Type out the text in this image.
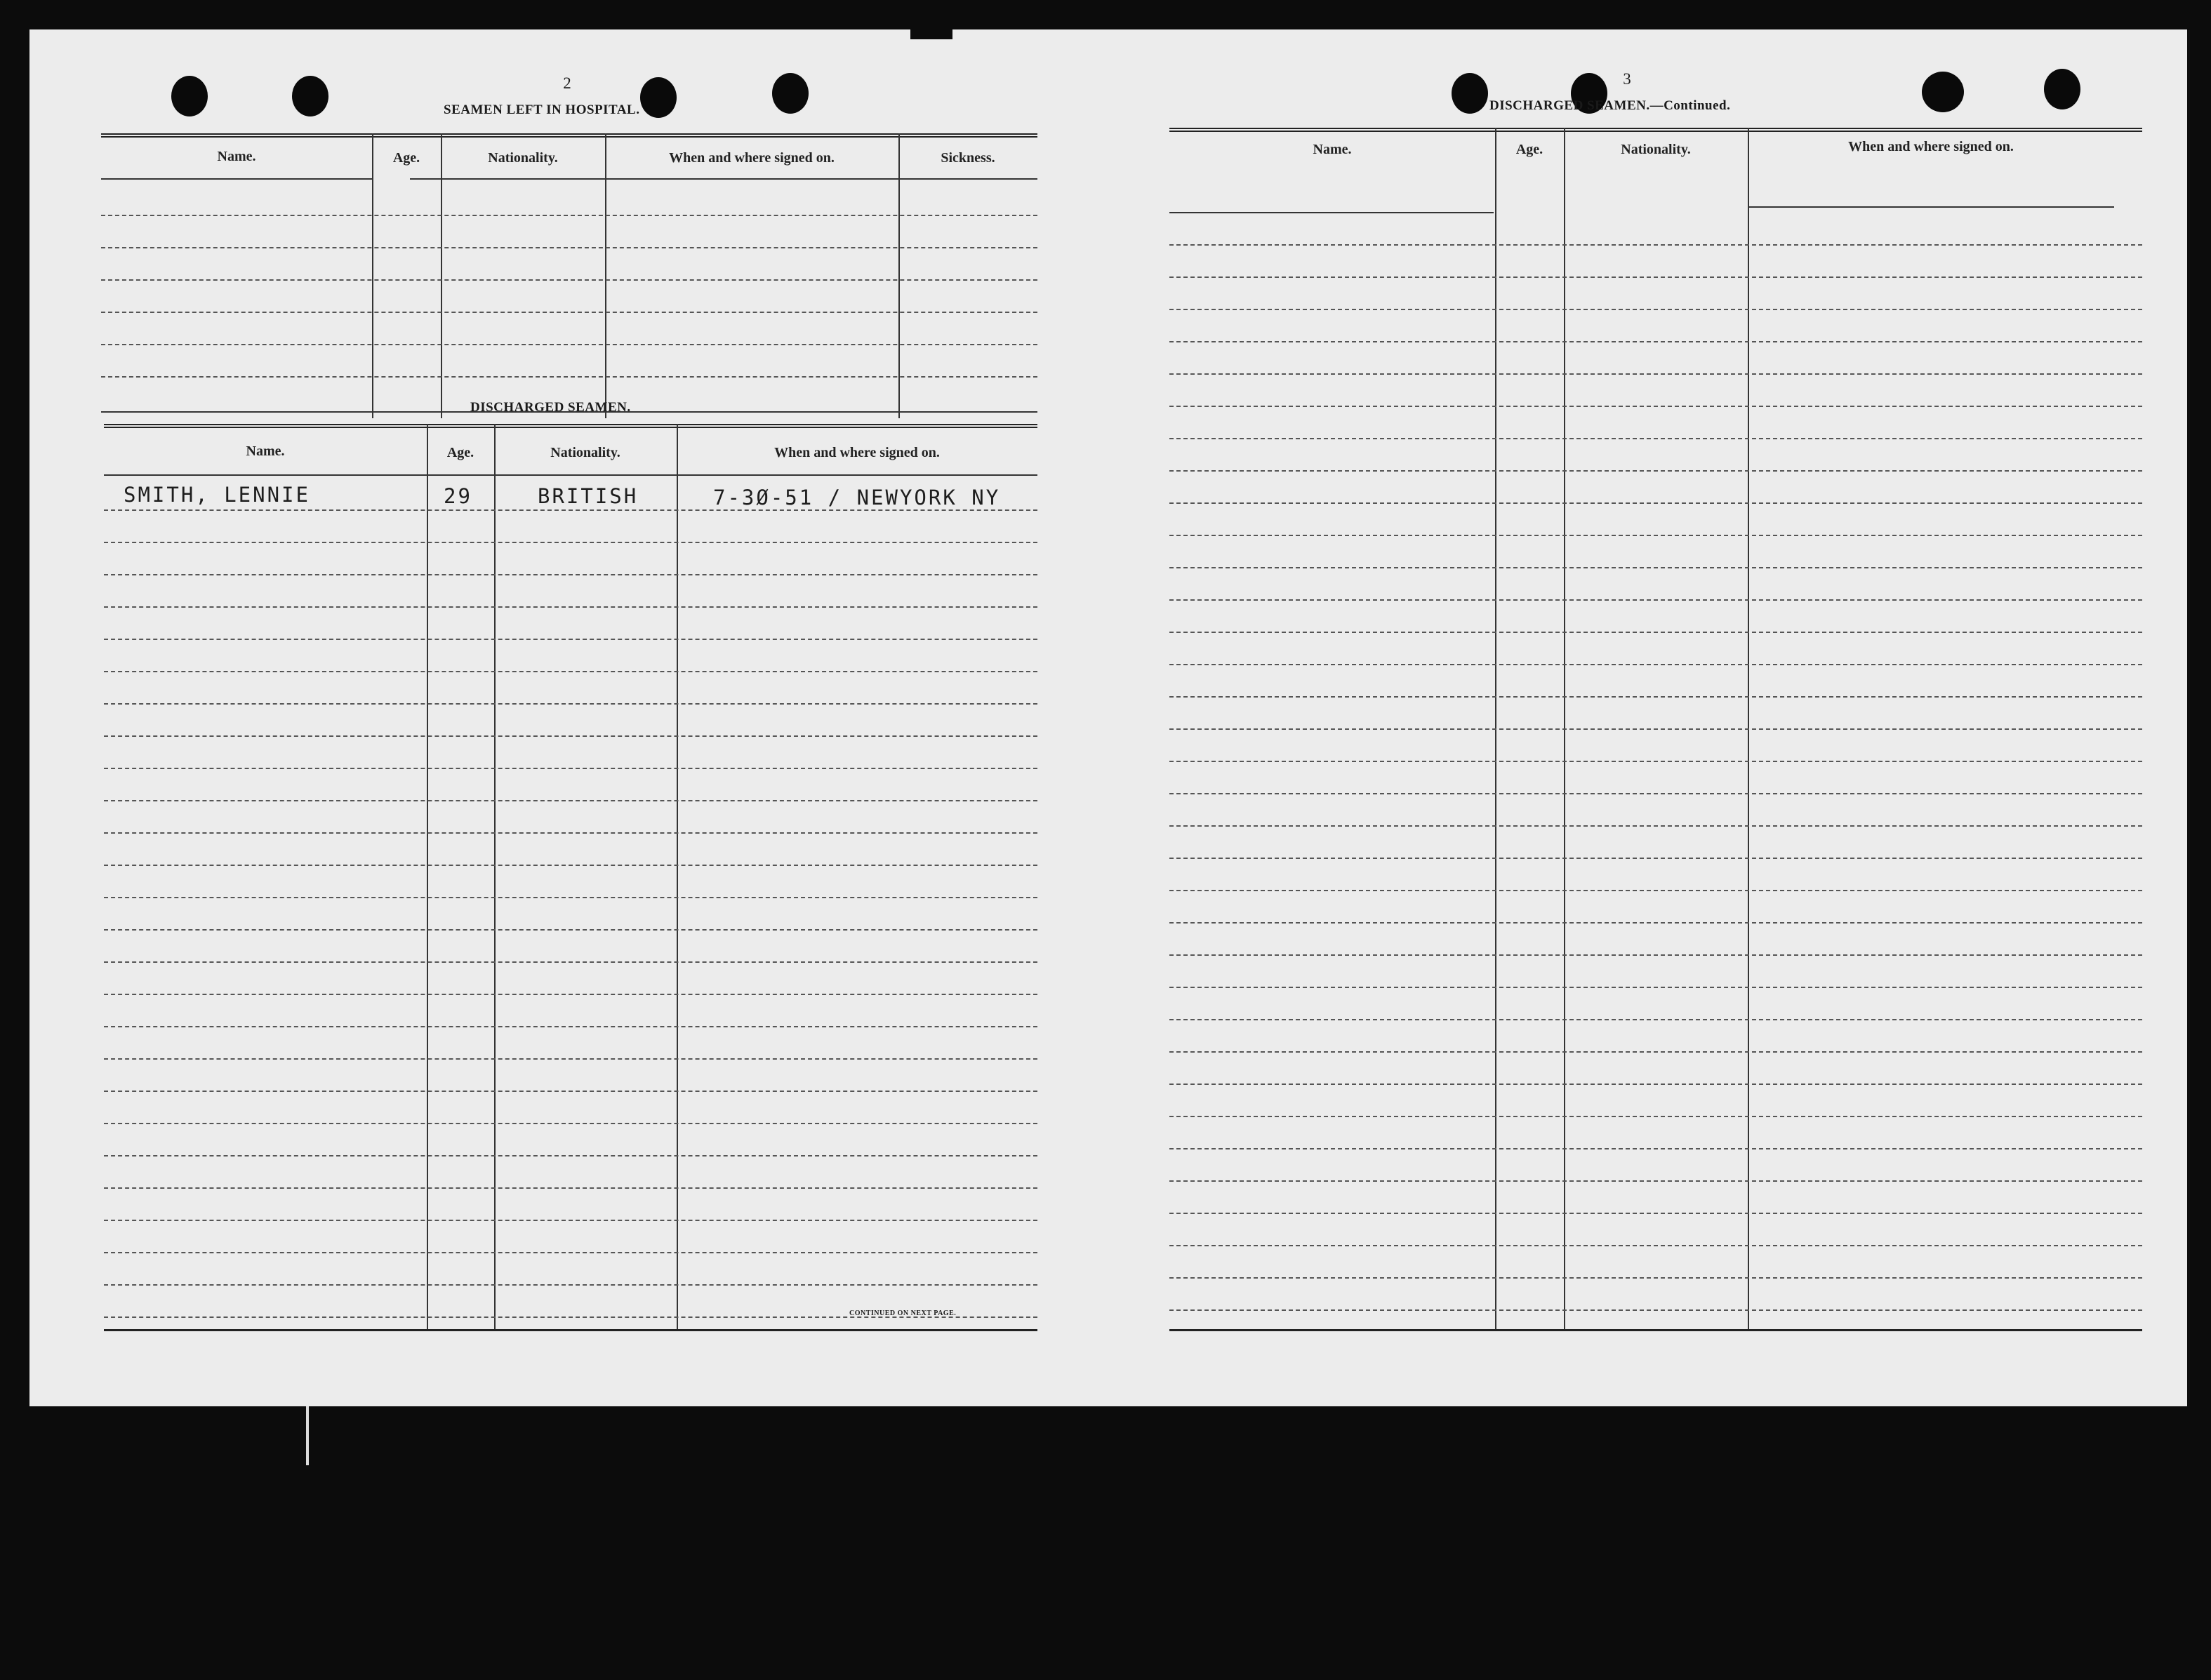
2
SEAMEN LEFT IN HOSPITAL.
Name.	Age.	Nationality.	When and where signed on.	Sickness.
DISCHARGED SEAMEN.
Name.	Age.	Nationality.	When and where signed on.
SMITH, LENNIE	29	BRITISH	7-3Ø-51 / NEWYORK NY
CONTINUED ON NEXT PAGE.
3
DISCHARGED SEAMEN.—Continued.
Name.	Age.	Nationality.	When and where signed on.
